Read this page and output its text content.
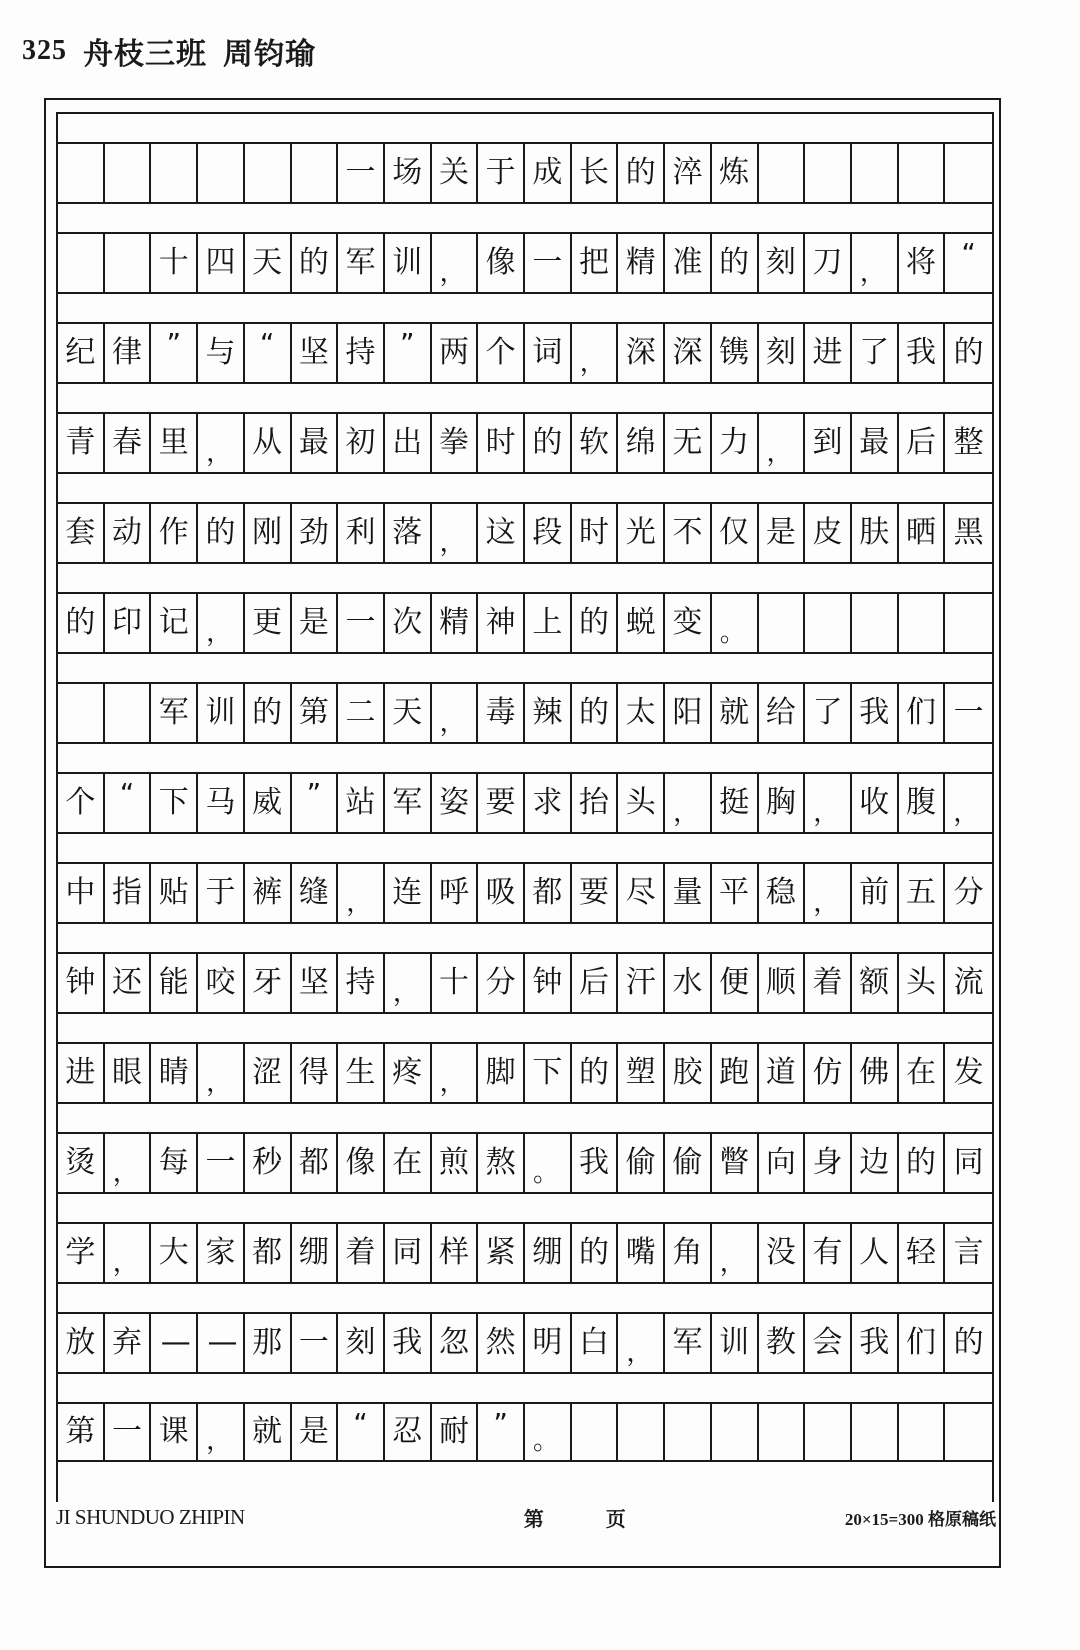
325 舟枝三班 周钧瑜
一 场 关 于 成 长 的 淬 炼
十 四 天 的 军 训 ， 像 一 把 精 准 的 刻 刀 ， 将 “
纪 律 ” 与 “ 坚 持 ” 两 个 词 ， 深 深 镌 刻 进 了 我 的
青 春 里 ， 从 最 初 出 拳 时 的 软 绵 无 力 ， 到 最 后 整
套 动 作 的 刚 劲 利 落 ， 这 段 时 光 不 仅 是 皮 肤 晒 黑
的 印 记 ， 更 是 一 次 精 神 上 的 蜕 变 。
军 训 的 第 二 天 ， 毒 辣 的 太 阳 就 给 了 我 们 一
个 “ 下 马 威 ” 站 军 姿 要 求 抬 头 ， 挺 胸 ， 收 腹 ，
中 指 贴 于 裤 缝 ， 连 呼 吸 都 要 尽 量 平 稳 ， 前 五 分
钟 还 能 咬 牙 坚 持 ， 十 分 钟 后 汗 水 便 顺 着 额 头 流
进 眼 睛 ， 涩 得 生 疼 ， 脚 下 的 塑 胶 跑 道 仿 佛 在 发
烫 ， 每 一 秒 都 像 在 煎 熬 。 我 偷 偷 瞥 向 身 边 的 同
学 ， 大 家 都 绷 着 同 样 紧 绷 的 嘴 角 ， 没 有 人 轻 言
放 弃 — — 那 一 刻 我 忽 然 明 白 ， 军 训 教 会 我 们 的
第 一 课 ， 就 是 “ 忍 耐 ”
。
JI SHUNDUO ZHIPIN	第	页	20×15=300 格原稿纸
